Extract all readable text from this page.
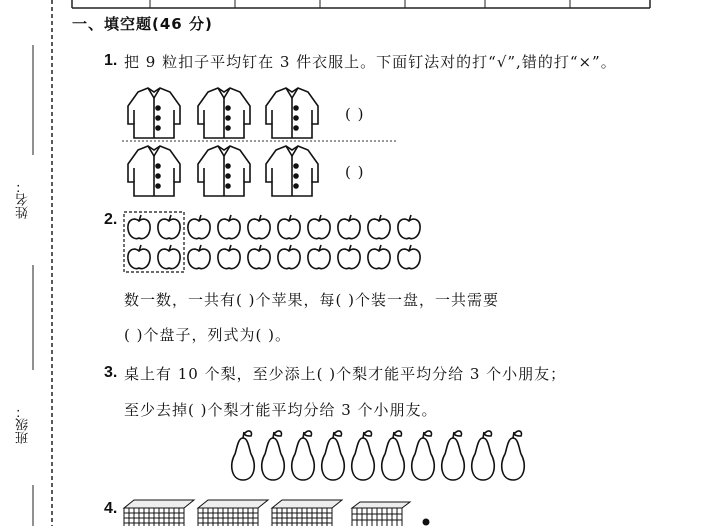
姓名：
班级：
一、填空题(46 分)
1. 把 9 粒扣子平均钉在 3 件衣服上。下面钉法对的打“√”,错的打“×”。
( )
( )
2.
数一数，一共有( )个苹果，每( )个装一盘，一共需要
( )个盘子，列式为( )。
3. 桌上有 10 个梨，至少添上( )个梨才能平均分给 3 个小朋友；
至少去掉( )个梨才能平均分给 3 个小朋友。
4.
